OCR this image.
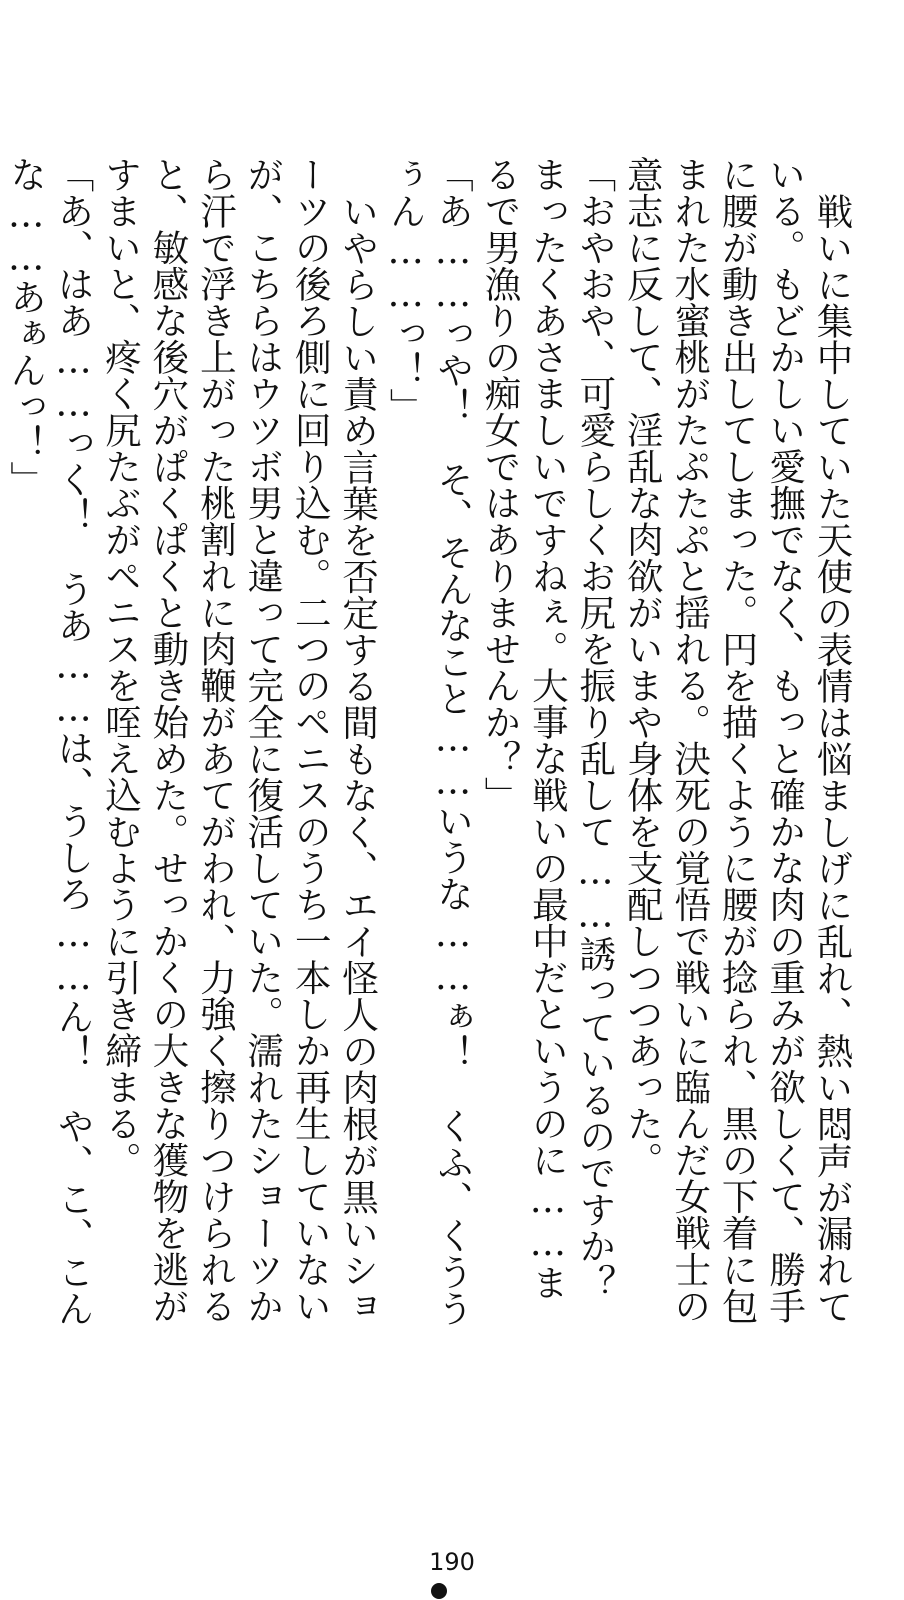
戦いに集中していた天使の表情は悩ましげに乱れ、熱い悶声が漏れている。もどかしい愛撫でなく、もっと確かな肉の重みが欲しくて、勝手に腰が動き出してしまった。円を描くように腰が捻られ、黒の下着に包まれた水蜜桃がたぷたぷと揺れる。決死の覚悟で戦いに臨んだ女戦士の意志に反して、淫乱な肉欲がいまや身体を支配しつつあった。

「おやおや、可愛らしくお尻を振り乱して……誘っているのですか？　まったくあさましいですねぇ。大事な戦いの最中だというのに……まるで男漁りの痴女ではありませんか？」

「あ……っや！　そ、そんなこと……いうな……ぁ！　くふ、くううぅん……っ！」

いやらしい責め言葉を否定する間もなく、エイ怪人の肉根が黒いショーツの後ろ側に回り込む。二つのペニスのうち一本しか再生していないが、こちらはウツボ男と違って完全に復活していた。濡れたショーツから汗で浮き上がった桃割れに肉鞭があてがわれ、力強く擦りつけられると、敏感な後穴がぱくぱくと動き始めた。せっかくの大きな獲物を逃がすまいと、疼く尻たぶがペニスを咥え込むように引き締まる。

「あ、はあ……っく！　うあ……は、うしろ……ん！　や、こ、こんな……あぁんっ！」

190
